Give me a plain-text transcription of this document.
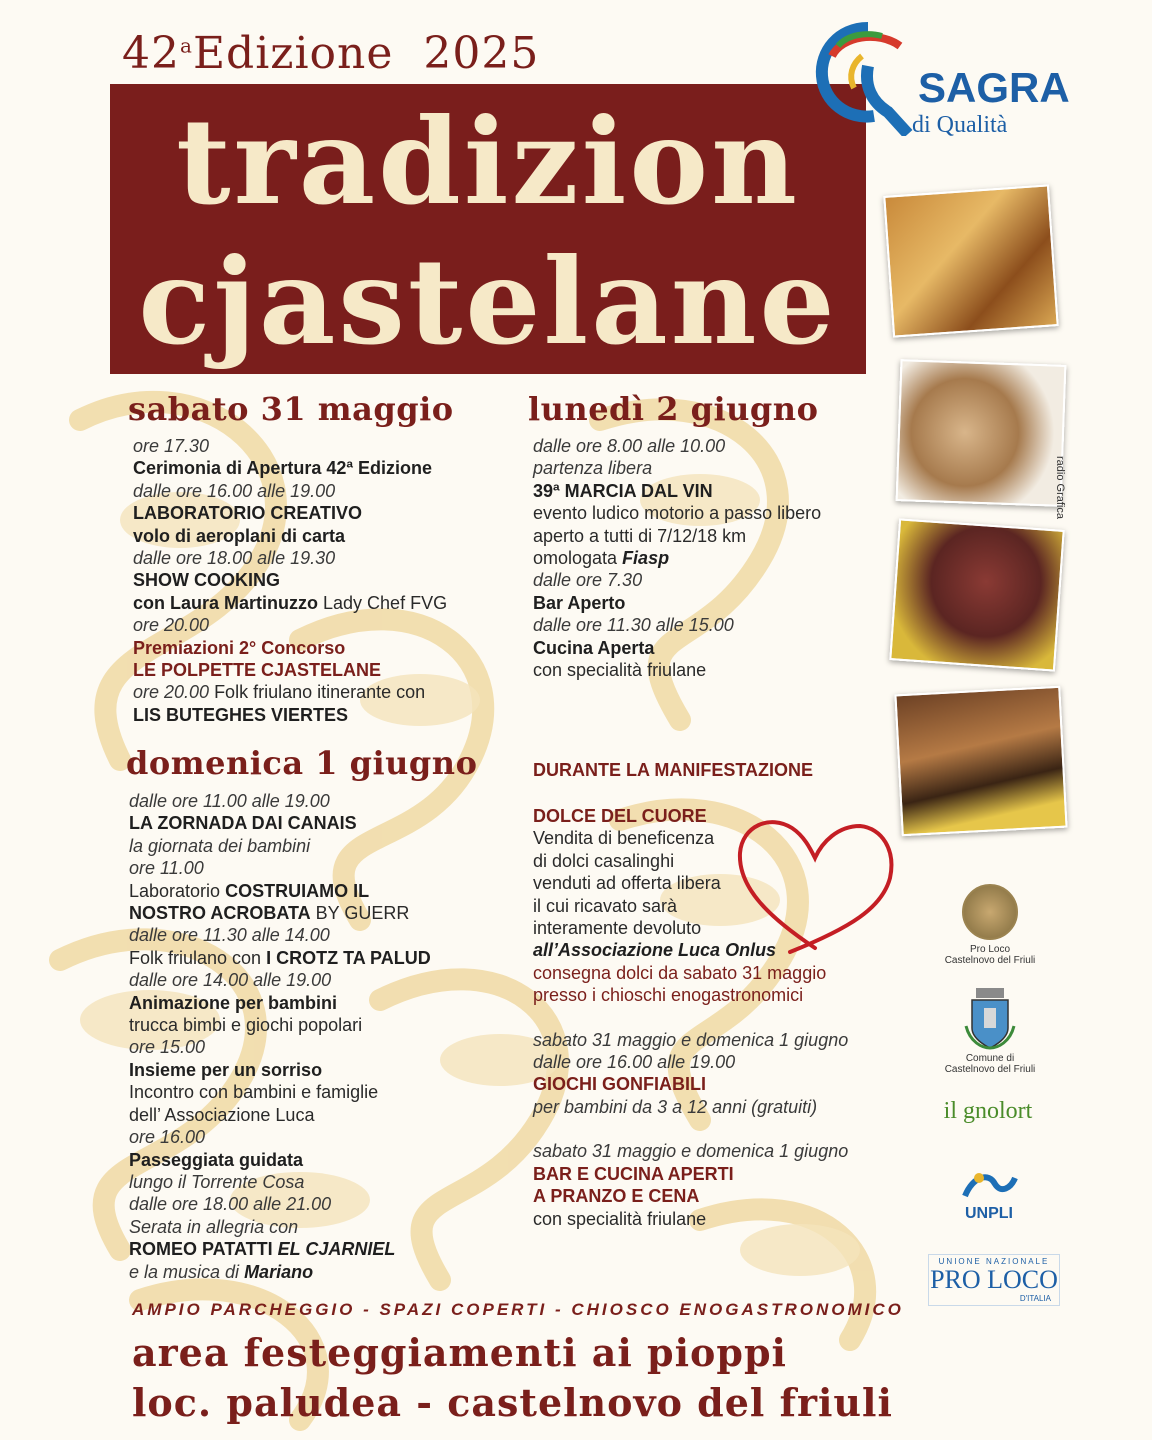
42$^a$Edizione 2025
tradizion
cjastelane
SAGRA
di Qualità
radio Grafica
sabato 31 maggio
ore 17.30
Cerimonia di Apertura 42ª Edizione
dalle ore 16.00 alle 19.00
LABORATORIO CREATIVO
volo di aeroplani di carta
dalle ore 18.00 alle 19.30
SHOW COOKING
con Laura Martinuzzo Lady Chef FVG
ore 20.00
Premiazioni 2° Concorso
LE POLPETTE CJASTELANE
ore 20.00 Folk friulano itinerante con
LIS BUTEGHES VIERTES
lunedì 2 giugno
dalle ore 8.00 alle 10.00
partenza libera
39ª MARCIA DAL VIN
evento ludico motorio a passo libero
aperto a tutti di 7/12/18 km
omologata Fiasp
dalle ore 7.30
Bar Aperto
dalle ore 11.30 alle 15.00
Cucina Aperta
con specialità friulane
domenica 1 giugno
dalle ore 11.00 alle 19.00
LA ZORNADA DAI CANAIS
la giornata dei bambini
ore 11.00
Laboratorio COSTRUIAMO IL
NOSTRO ACROBATA BY GUERR
dalle ore 11.30 alle 14.00
Folk friulano con I CROTZ TA PALUD
dalle ore 14.00 alle 19.00
Animazione per bambini
trucca bimbi e giochi popolari
ore 15.00
Insieme per un sorriso
Incontro con bambini e famiglie
dell’ Associazione Luca
ore 16.00
Passeggiata guidata
lungo il Torrente Cosa
dalle ore 18.00 alle 21.00
Serata in allegria con
ROMEO PATATTI EL CJARNIEL
e la musica di Mariano
DURANTE LA MANIFESTAZIONE
DOLCE DEL CUORE
Vendita di beneficenza
di dolci casalinghi
venduti ad offerta libera
il cui ricavato sarà
interamente devoluto
all’Associazione Luca Onlus
consegna dolci da sabato 31 maggio
presso i chioschi enogastronomici
sabato 31 maggio e domenica 1 giugno
dalle ore 16.00 alle 19.00
GIOCHI GONFIABILI
per bambini da 3 a 12 anni (gratuiti)
sabato 31 maggio e domenica 1 giugno
BAR E CUCINA APERTI
A PRANZO E CENA
con specialità friulane
Pro Loco
Castelnovo del Friuli
Comune di
Castelnovo del Friuli
il gnolort
UNPLI
UNIONE NAZIONALE
PRO LOCO
D'ITALIA
AMPIO PARCHEGGIO - SPAZI COPERTI - CHIOSCO ENOGASTRONOMICO
area festeggiamenti ai pioppi
loc. paludea - castelnovo del friuli
